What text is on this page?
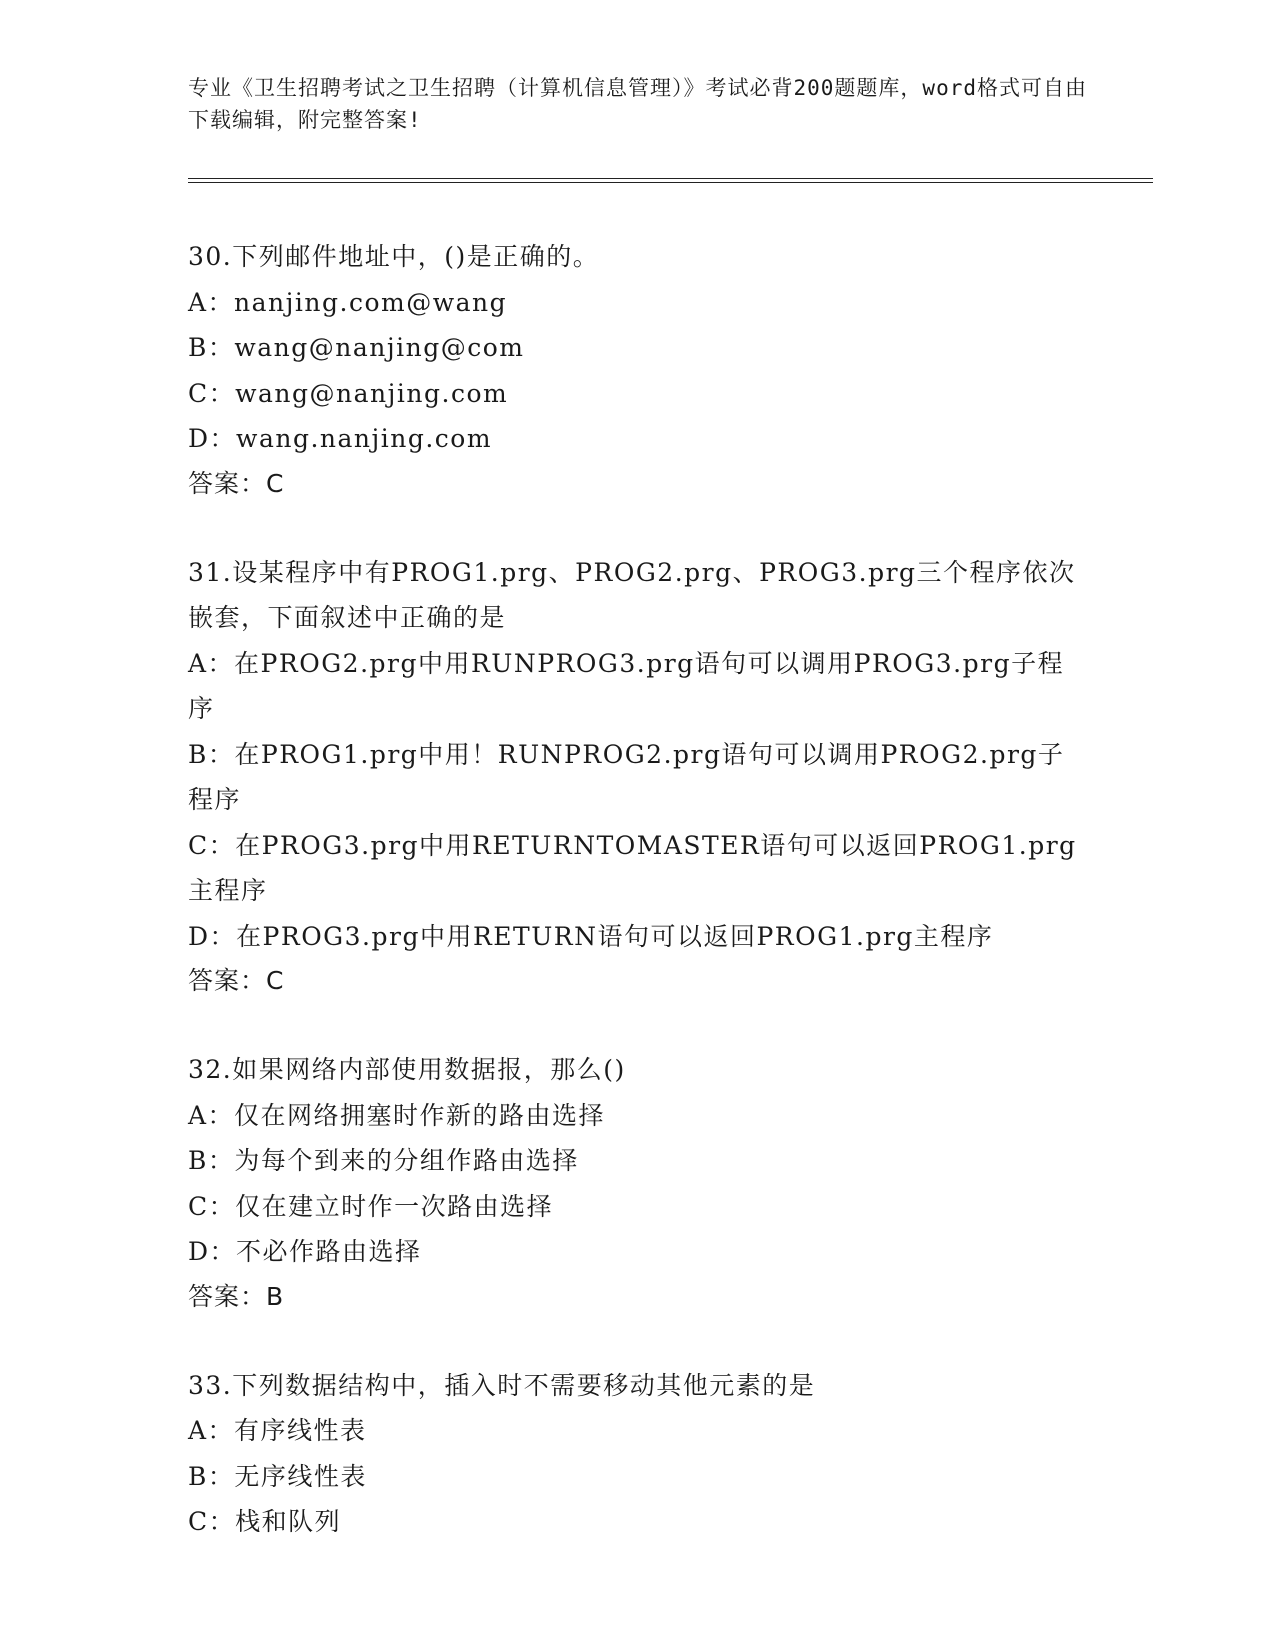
专业《卫生招聘考试之卫生招聘（计算机信息管理）》考试必背200题题库，word格式可自由下载编辑，附完整答案!
30.下列邮件地址中，()是正确的。
A：nanjing.com@wang
B：wang@nanjing@com
C：wang@nanjing.com
D：wang.nanjing.com
答案：C
31.设某程序中有PROG1.prg、PROG2.prg、PROG3.prg三个程序依次嵌套，下面叙述中正确的是
A：在PROG2.prg中用RUNPROG3.prg语句可以调用PROG3.prg子程序
B：在PROG1.prg中用！RUNPROG2.prg语句可以调用PROG2.prg子程序
C：在PROG3.prg中用RETURNTOMASTER语句可以返回PROG1.prg主程序
D：在PROG3.prg中用RETURN语句可以返回PROG1.prg主程序
答案：C
32.如果网络内部使用数据报，那么()
A：仅在网络拥塞时作新的路由选择
B：为每个到来的分组作路由选择
C：仅在建立时作一次路由选择
D：不必作路由选择
答案：B
33.下列数据结构中，插入时不需要移动其他元素的是
A：有序线性表
B：无序线性表
C：栈和队列
